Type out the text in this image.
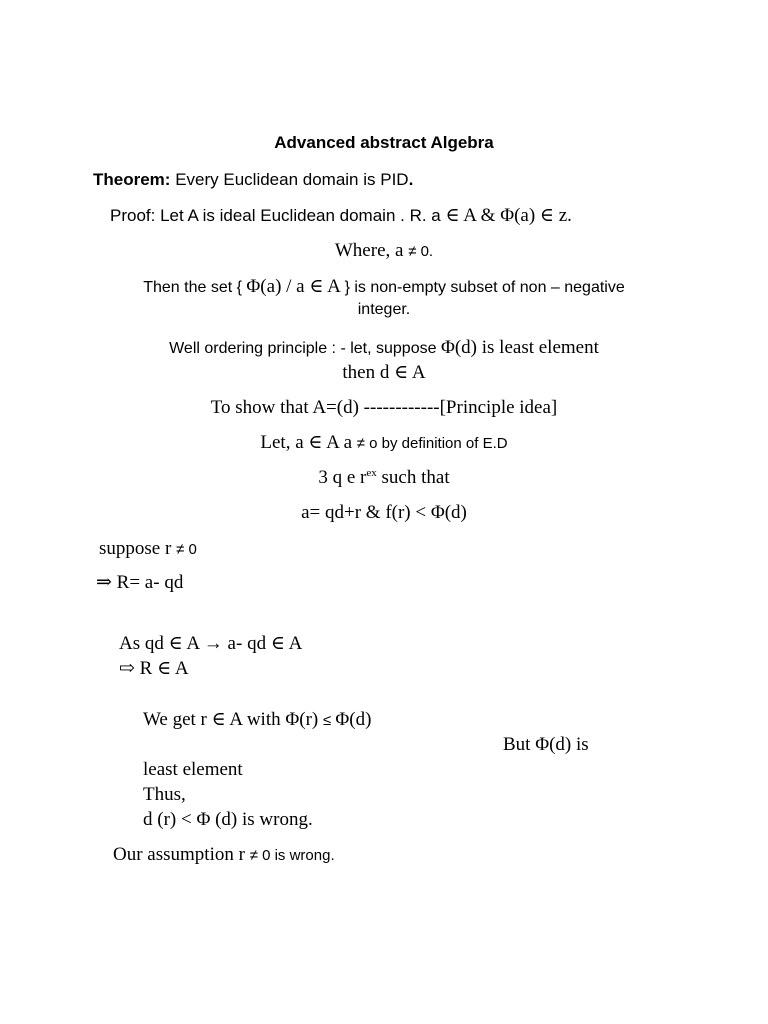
Advanced abstract Algebra
Theorem: Every Euclidean domain is PID.
Proof: Let A is ideal Euclidean domain . R. a ∈ A & Φ(a) ∈ z.
Where, a ≠ 0.
Then the set { Φ(a) / a ∈ A } is non-empty subset of non – negative
integer.
Well ordering principle : - let, suppose Φ(d) is least element
then d ∈ A
To show that A=(d) ------------[Principle idea]
Let, a ∈ A a ≠ o by definition of E.D
3 q e $r^{ex}$ such that
a= qd+r & f(r) < Φ(d)
suppose r ≠ 0
⇒ R= a- qd
As qd ∈ A → a- qd ∈ A
⇨ R ∈ A
We get r ∈ A with Φ(r) ≤ Φ(d)
But Φ(d) is
least element
Thus,
d (r) < Φ (d) is wrong.
Our assumption r ≠ 0 is wrong.
